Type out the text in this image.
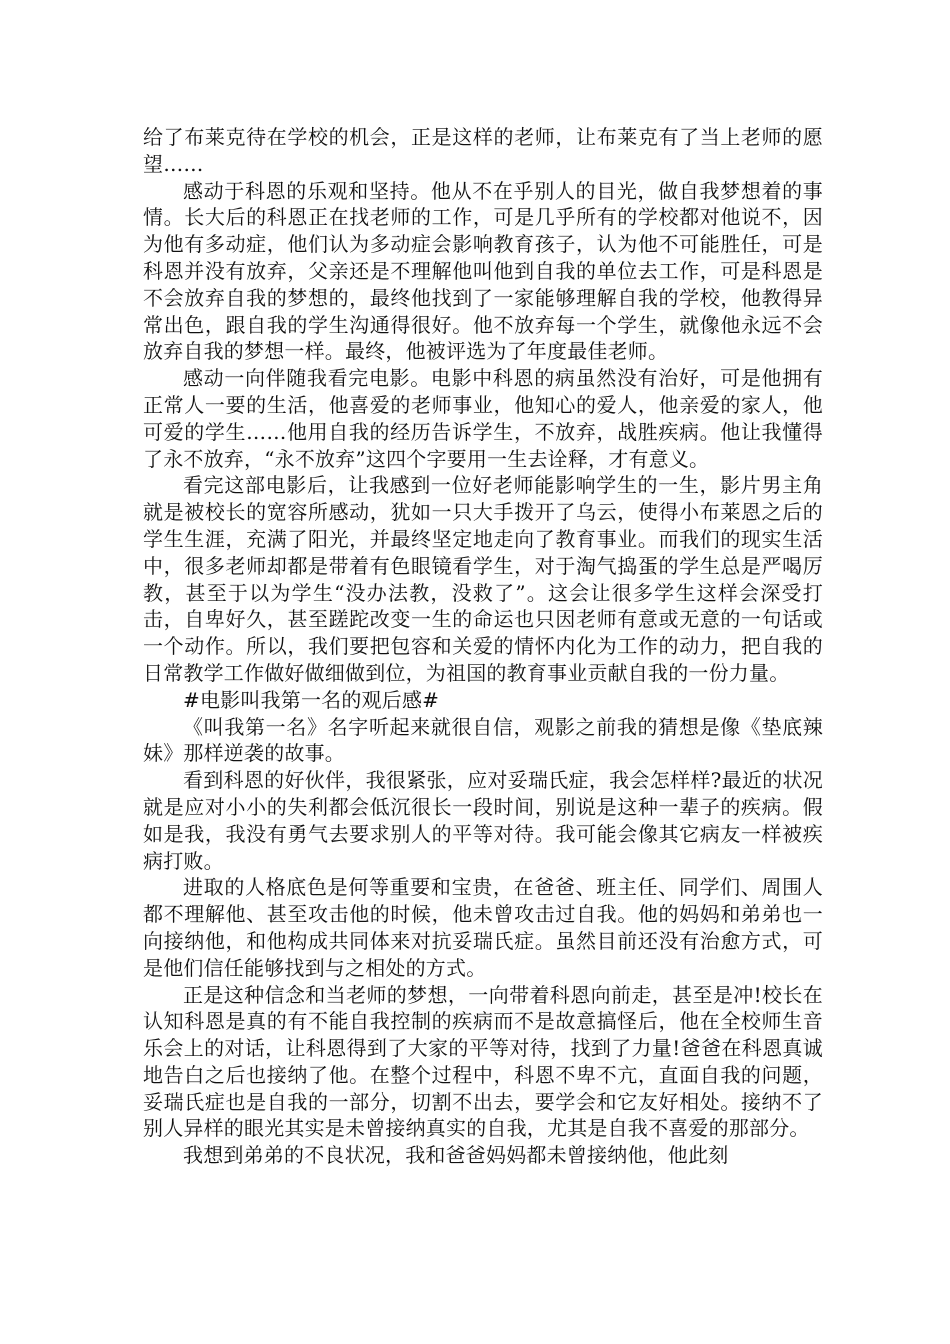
给了布莱克待在学校的机会，正是这样的老师，让布莱克有了当上老师的愿望……

感动于科恩的乐观和坚持。他从不在乎别人的目光，做自我梦想着的事情。长大后的科恩正在找老师的工作，可是几乎所有的学校都对他说不，因为他有多动症，他们认为多动症会影响教育孩子，认为他不可能胜任，可是科恩并没有放弃，父亲还是不理解他叫他到自我的单位去工作，可是科恩是不会放弃自我的梦想的，最终他找到了一家能够理解自我的学校，他教得异常出色，跟自我的学生沟通得很好。他不放弃每一个学生，就像他永远不会放弃自我的梦想一样。最终，他被评选为了年度最佳老师。

感动一向伴随我看完电影。电影中科恩的病虽然没有治好，可是他拥有正常人一要的生活，他喜爱的老师事业，他知心的爱人，他亲爱的家人，他可爱的学生……他用自我的经历告诉学生，不放弃，战胜疾病。他让我懂得了永不放弃，“永不放弃”这四个字要用一生去诠释，才有意义。

看完这部电影后，让我感到一位好老师能影响学生的一生，影片男主角就是被校长的宽容所感动，犹如一只大手拨开了乌云，使得小布莱恩之后的学生生涯，充满了阳光，并最终坚定地走向了教育事业。而我们的现实生活中，很多老师却都是带着有色眼镜看学生，对于淘气捣蛋的学生总是严喝厉教，甚至于以为学生“没办法教，没救了”。这会让很多学生这样会深受打击，自卑好久，甚至蹉跎改变一生的命运也只因老师有意或无意的一句话或一个动作。所以，我们要把包容和关爱的情怀内化为工作的动力，把自我的日常教学工作做好做细做到位，为祖国的教育事业贡献自我的一份力量。

#电影叫我第一名的观后感#

《叫我第一名》名字听起来就很自信，观影之前我的猜想是像《垫底辣妹》那样逆袭的故事。

看到科恩的好伙伴，我很紧张，应对妥瑞氏症，我会怎样样?最近的状况就是应对小小的失利都会低沉很长一段时间，别说是这种一辈子的疾病。假如是我，我没有勇气去要求别人的平等对待。我可能会像其它病友一样被疾病打败。

进取的人格底色是何等重要和宝贵，在爸爸、班主任、同学们、周围人都不理解他、甚至攻击他的时候，他未曾攻击过自我。他的妈妈和弟弟也一向接纳他，和他构成共同体来对抗妥瑞氏症。虽然目前还没有治愈方式，可是他们信任能够找到与之相处的方式。

正是这种信念和当老师的梦想，一向带着科恩向前走，甚至是冲!校长在认知科恩是真的有不能自我控制的疾病而不是故意搞怪后，他在全校师生音乐会上的对话，让科恩得到了大家的平等对待，找到了力量!爸爸在科恩真诚地告白之后也接纳了他。在整个过程中，科恩不卑不亢，直面自我的问题，妥瑞氏症也是自我的一部分，切割不出去，要学会和它友好相处。接纳不了别人异样的眼光其实是未曾接纳真实的自我，尤其是自我不喜爱的那部分。

我想到弟弟的不良状况，我和爸爸妈妈都未曾接纳他，他此刻
